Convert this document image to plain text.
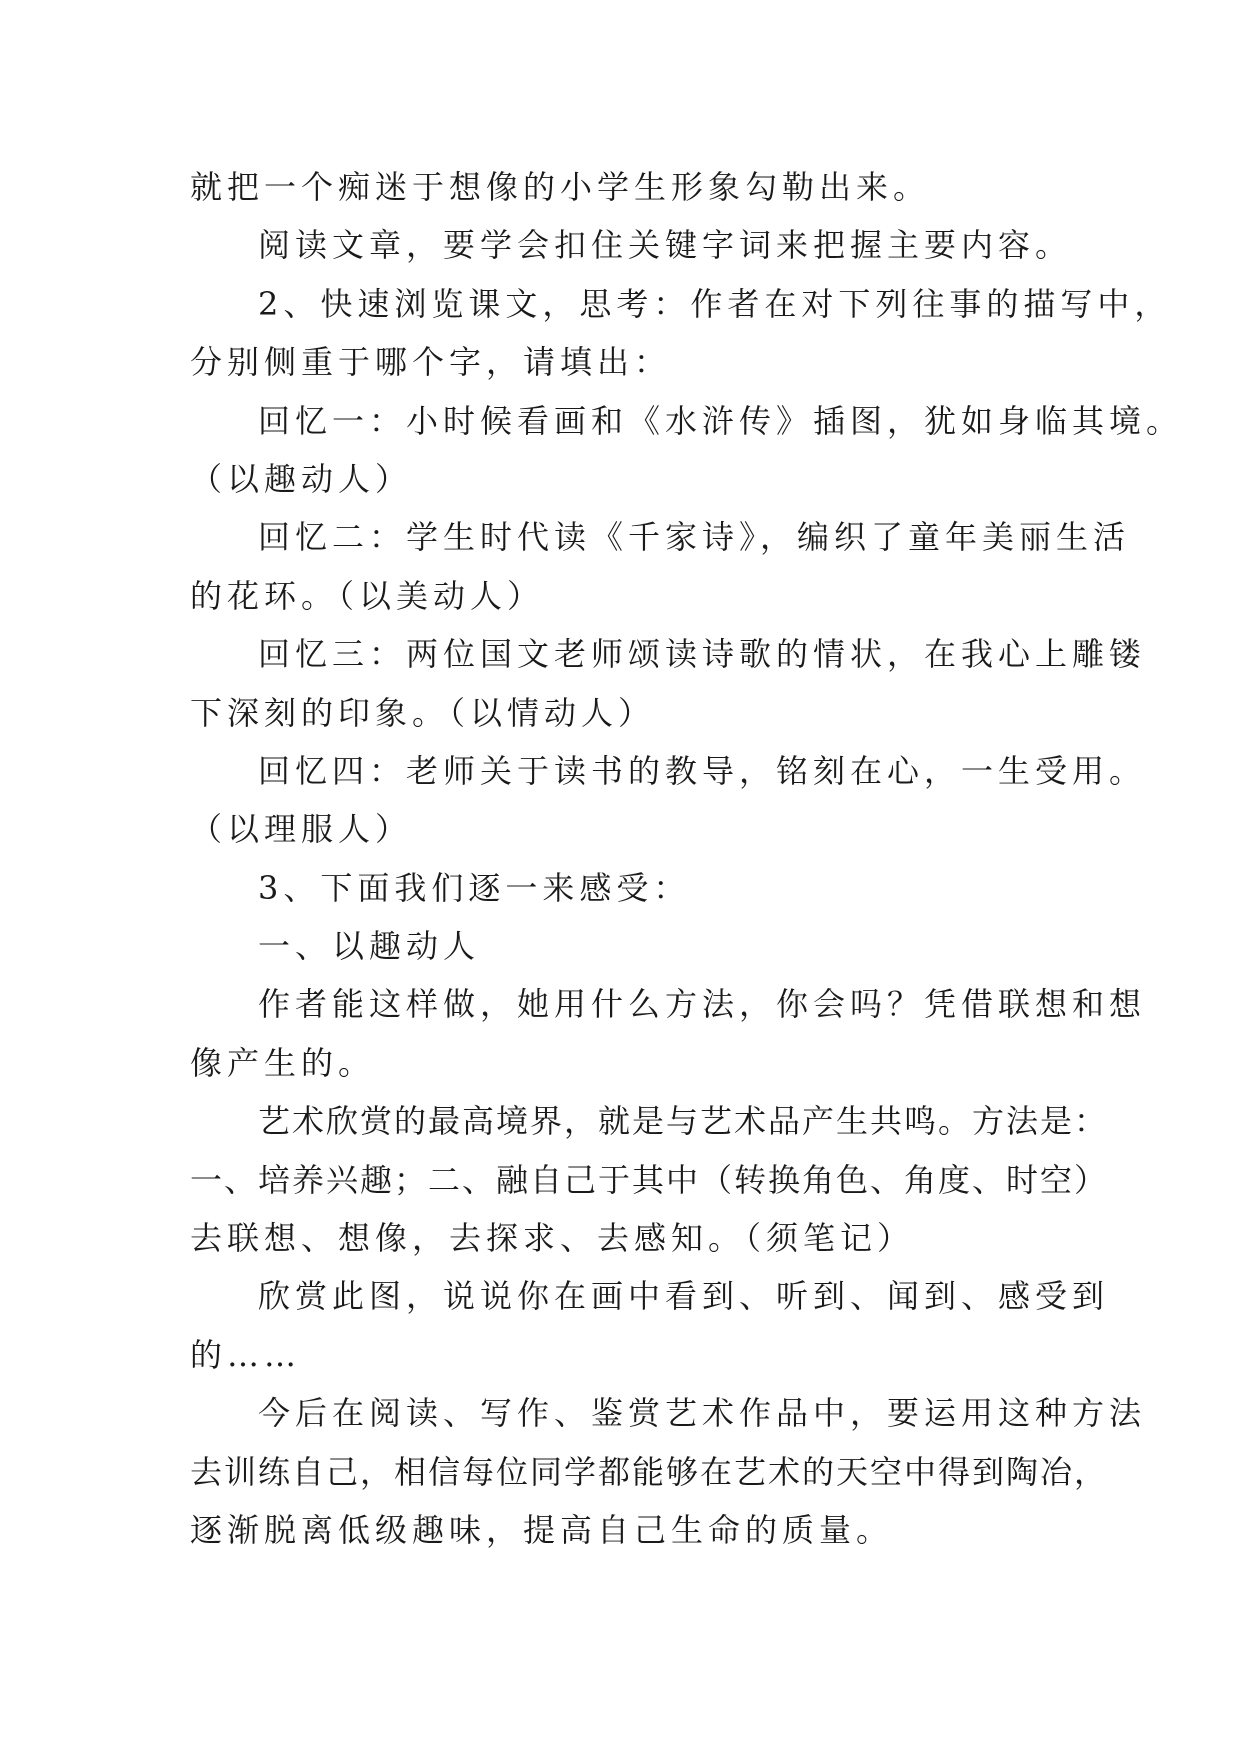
就把一个痴迷于想像的小学生形象勾勒出来。
阅读文章，要学会扣住关键字词来把握主要内容。
2、快速浏览课文，思考：作者在对下列往事的描写中，
分别侧重于哪个字，请填出：
回忆一：小时候看画和《水浒传》插图，犹如身临其境。
（以趣动人）
回忆二：学生时代读《千家诗》，编织了童年美丽生活
的花环。（以美动人）
回忆三：两位国文老师颂读诗歌的情状，在我心上雕镂
下深刻的印象。（以情动人）
回忆四：老师关于读书的教导，铭刻在心，一生受用。
（以理服人）
3、下面我们逐一来感受：
一、以趣动人
作者能这样做，她用什么方法，你会吗？凭借联想和想
像产生的。
艺术欣赏的最高境界，就是与艺术品产生共鸣。方法是：
一、培养兴趣；二、融自己于其中（转换角色、角度、时空）
去联想、想像，去探求、去感知。（须笔记）
欣赏此图，说说你在画中看到、听到、闻到、感受到
的……
今后在阅读、写作、鉴赏艺术作品中，要运用这种方法
去训练自己，相信每位同学都能够在艺术的天空中得到陶冶，
逐渐脱离低级趣味，提高自己生命的质量。
